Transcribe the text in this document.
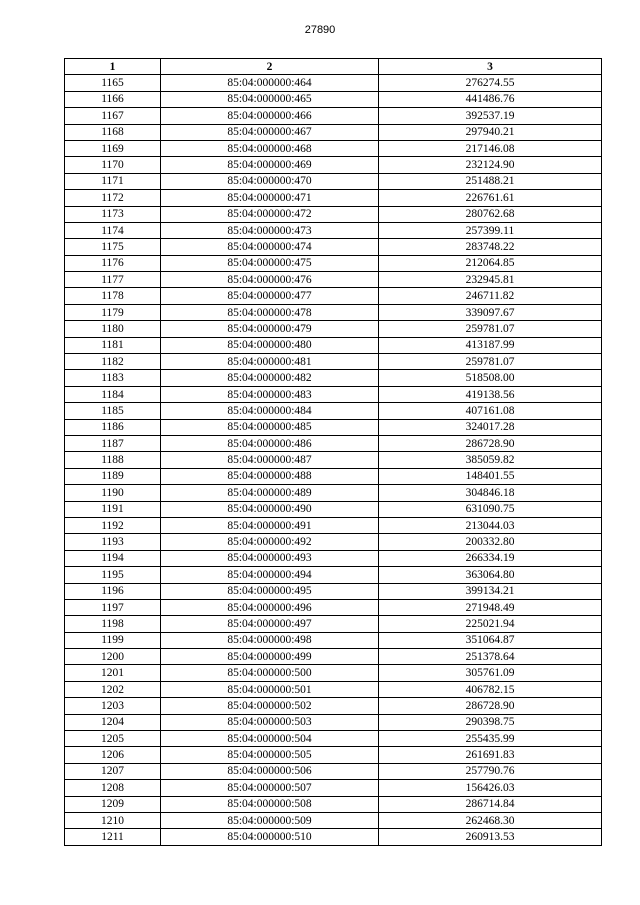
27890
1	2	3
1165	85:04:000000:464	276274.55
1166	85:04:000000:465	441486.76
1167	85:04:000000:466	392537.19
1168	85:04:000000:467	297940.21
1169	85:04:000000:468	217146.08
1170	85:04:000000:469	232124.90
1171	85:04:000000:470	251488.21
1172	85:04:000000:471	226761.61
1173	85:04:000000:472	280762.68
1174	85:04:000000:473	257399.11
1175	85:04:000000:474	283748.22
1176	85:04:000000:475	212064.85
1177	85:04:000000:476	232945.81
1178	85:04:000000:477	246711.82
1179	85:04:000000:478	339097.67
1180	85:04:000000:479	259781.07
1181	85:04:000000:480	413187.99
1182	85:04:000000:481	259781.07
1183	85:04:000000:482	518508.00
1184	85:04:000000:483	419138.56
1185	85:04:000000:484	407161.08
1186	85:04:000000:485	324017.28
1187	85:04:000000:486	286728.90
1188	85:04:000000:487	385059.82
1189	85:04:000000:488	148401.55
1190	85:04:000000:489	304846.18
1191	85:04:000000:490	631090.75
1192	85:04:000000:491	213044.03
1193	85:04:000000:492	200332.80
1194	85:04:000000:493	266334.19
1195	85:04:000000:494	363064.80
1196	85:04:000000:495	399134.21
1197	85:04:000000:496	271948.49
1198	85:04:000000:497	225021.94
1199	85:04:000000:498	351064.87
1200	85:04:000000:499	251378.64
1201	85:04:000000:500	305761.09
1202	85:04:000000:501	406782.15
1203	85:04:000000:502	286728.90
1204	85:04:000000:503	290398.75
1205	85:04:000000:504	255435.99
1206	85:04:000000:505	261691.83
1207	85:04:000000:506	257790.76
1208	85:04:000000:507	156426.03
1209	85:04:000000:508	286714.84
1210	85:04:000000:509	262468.30
1211	85:04:000000:510	260913.53
